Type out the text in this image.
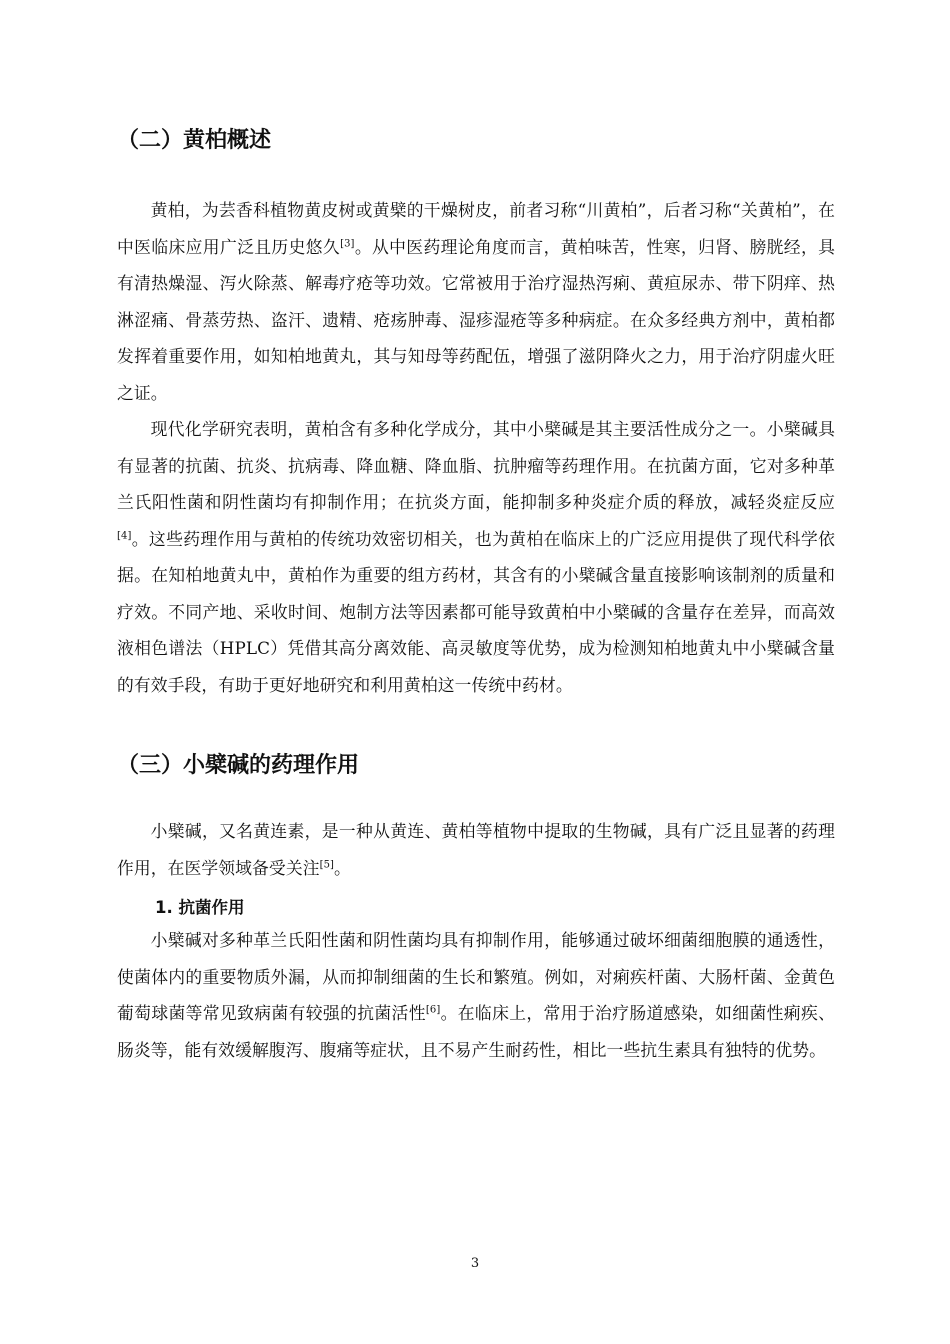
（二）黄柏概述

黄柏，为芸香科植物黄皮树或黄檗的干燥树皮，前者习称“川黄柏”，后者习称“关黄柏”，在中医临床应用广泛且历史悠久[3]。从中医药理论角度而言，黄柏味苦，性寒，归肾、膀胱经，具有清热燥湿、泻火除蒸、解毒疗疮等功效。它常被用于治疗湿热泻痢、黄疸尿赤、带下阴痒、热淋涩痛、骨蒸劳热、盗汗、遗精、疮疡肿毒、湿疹湿疮等多种病症。在众多经典方剂中，黄柏都发挥着重要作用，如知柏地黄丸，其与知母等药配伍，增强了滋阴降火之力，用于治疗阴虚火旺之证。

现代化学研究表明，黄柏含有多种化学成分，其中小檗碱是其主要活性成分之一。小檗碱具有显著的抗菌、抗炎、抗病毒、降血糖、降血脂、抗肿瘤等药理作用。在抗菌方面，它对多种革兰氏阳性菌和阴性菌均有抑制作用；在抗炎方面，能抑制多种炎症介质的释放，减轻炎症反应[4]。这些药理作用与黄柏的传统功效密切相关，也为黄柏在临床上的广泛应用提供了现代科学依据。在知柏地黄丸中，黄柏作为重要的组方药材，其含有的小檗碱含量直接影响该制剂的质量和疗效。不同产地、采收时间、炮制方法等因素都可能导致黄柏中小檗碱的含量存在差异，而高效液相色谱法（HPLC）凭借其高分离效能、高灵敏度等优势，成为检测知柏地黄丸中小檗碱含量的有效手段，有助于更好地研究和利用黄柏这一传统中药材。

（三）小檗碱的药理作用

小檗碱，又名黄连素，是一种从黄连、黄柏等植物中提取的生物碱，具有广泛且显著的药理作用，在医学领域备受关注[5]。

1. 抗菌作用

小檗碱对多种革兰氏阳性菌和阴性菌均具有抑制作用，能够通过破坏细菌细胞膜的通透性，使菌体内的重要物质外漏，从而抑制细菌的生长和繁殖。例如，对痢疾杆菌、大肠杆菌、金黄色葡萄球菌等常见致病菌有较强的抗菌活性[6]。在临床上，常用于治疗肠道感染，如细菌性痢疾、肠炎等，能有效缓解腹泻、腹痛等症状，且不易产生耐药性，相比一些抗生素具有独特的优势。

3
